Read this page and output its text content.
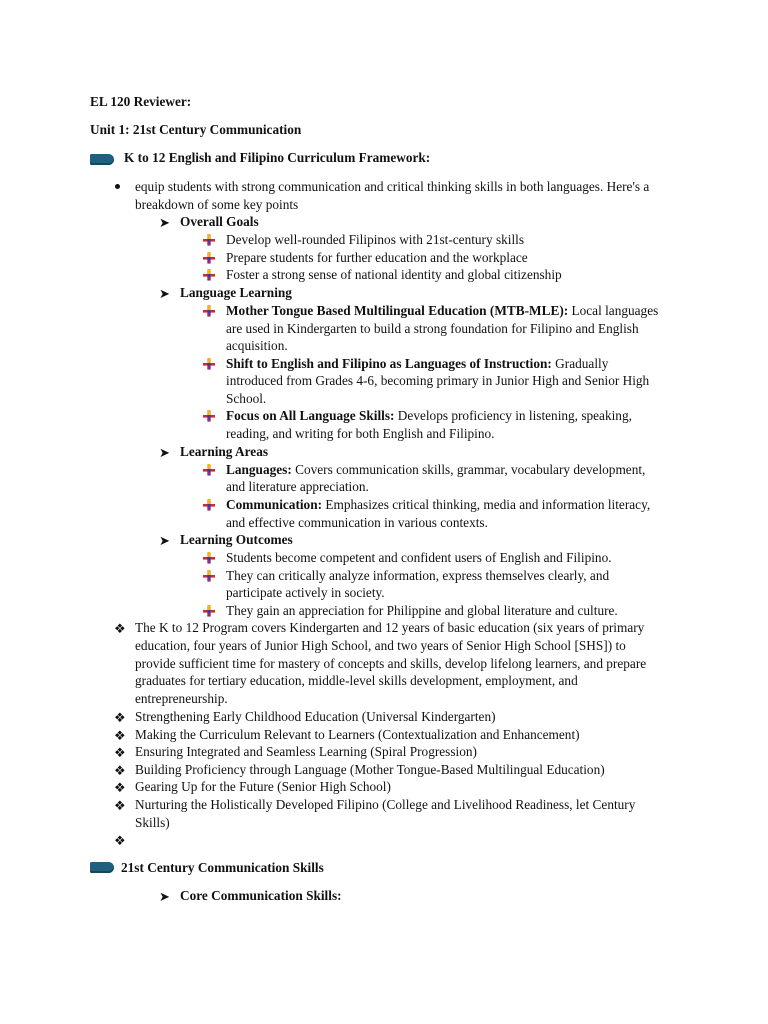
EL 120 Reviewer:
Unit 1: 21st Century Communication
K to 12 English and Filipino Curriculum Framework:
equip students with strong communication and critical thinking skills in both languages. Here's a
breakdown of some key points
➤ Overall Goals
Develop well-rounded Filipinos with 21st-century skills
Prepare students for further education and the workplace
Foster a strong sense of national identity and global citizenship
➤ Language Learning
Mother Tongue Based Multilingual Education (MTB-MLE): Local languages
are used in Kindergarten to build a strong foundation for Filipino and English
acquisition.
Shift to English and Filipino as Languages of Instruction: Gradually
introduced from Grades 4-6, becoming primary in Junior High and Senior High
School.
Focus on All Language Skills: Develops proficiency in listening, speaking,
reading, and writing for both English and Filipino.
➤ Learning Areas
Languages: Covers communication skills, grammar, vocabulary development,
and literature appreciation.
Communication: Emphasizes critical thinking, media and information literacy,
and effective communication in various contexts.
➤ Learning Outcomes
Students become competent and confident users of English and Filipino.
They can critically analyze information, express themselves clearly, and
participate actively in society.
They gain an appreciation for Philippine and global literature and culture.
❖ The K to 12 Program covers Kindergarten and 12 years of basic education (six years of primary
education, four years of Junior High School, and two years of Senior High School [SHS]) to
provide sufficient time for mastery of concepts and skills, develop lifelong learners, and prepare
graduates for tertiary education, middle-level skills development, employment, and
entrepreneurship.
❖ Strengthening Early Childhood Education (Universal Kindergarten)
❖ Making the Curriculum Relevant to Learners (Contextualization and Enhancement)
❖ Ensuring Integrated and Seamless Learning (Spiral Progression)
❖ Building Proficiency through Language (Mother Tongue-Based Multilingual Education)
❖ Gearing Up for the Future (Senior High School)
❖ Nurturing the Holistically Developed Filipino (College and Livelihood Readiness, let Century
Skills)
❖
21st Century Communication Skills
➤ Core Communication Skills:
